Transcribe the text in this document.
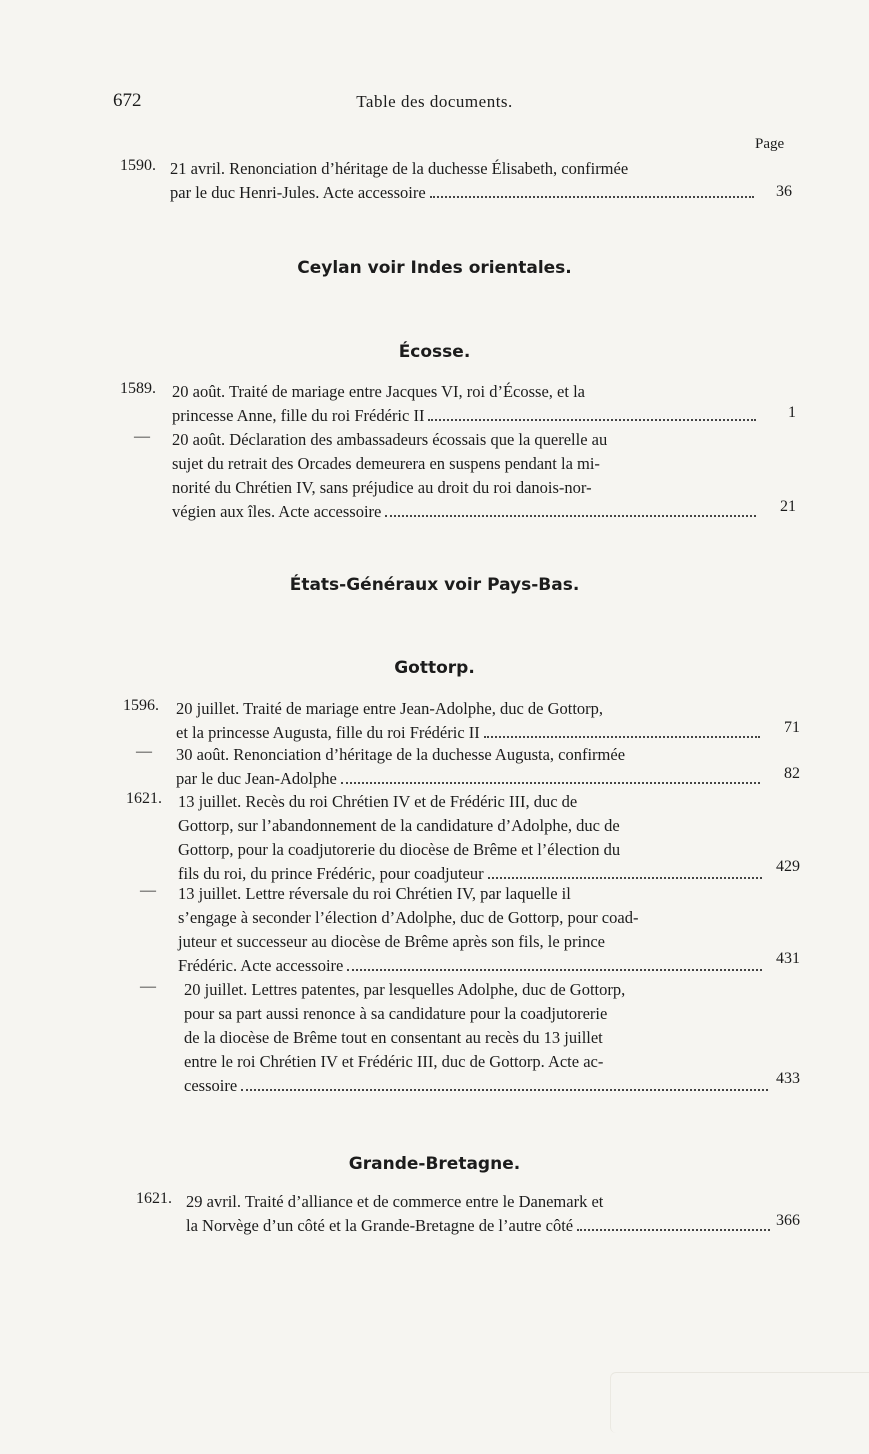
672	Table des documents.
Page
1590. 21 avril. Renonciation d’héritage de la duchesse Élisabeth, confirmée
par le duc Henri-Jules. Acte accessoire	36
Ceylan voir Indes orientales.
Écosse.
1589. 20 août. Traité de mariage entre Jacques VI, roi d’Écosse, et la
princesse Anne, fille du roi Frédéric II	1
— 20 août. Déclaration des ambassadeurs écossais que la querelle au
sujet du retrait des Orcades demeurera en suspens pendant la mi-
norité du Chrétien IV, sans préjudice au droit du roi danois-nor-
végien aux îles. Acte accessoire	21
États-Généraux voir Pays-Bas.
Gottorp.
1596. 20 juillet. Traité de mariage entre Jean-Adolphe, duc de Gottorp,
et la princesse Augusta, fille du roi Frédéric II	71
— 30 août. Renonciation d’héritage de la duchesse Augusta, confirmée
par le duc Jean-Adolphe	82
1621. 13 juillet. Recès du roi Chrétien IV et de Frédéric III, duc de
Gottorp, sur l’abandonnement de la candidature d’Adolphe, duc de
Gottorp, pour la coadjutorerie du diocèse de Brême et l’élection du
fils du roi, du prince Frédéric, pour coadjuteur	429
— 13 juillet. Lettre réversale du roi Chrétien IV, par laquelle il
s’engage à seconder l’élection d’Adolphe, duc de Gottorp, pour coad-
juteur et successeur au diocèse de Brême après son fils, le prince
Frédéric. Acte accessoire	431
— 20 juillet. Lettres patentes, par lesquelles Adolphe, duc de Gottorp,
pour sa part aussi renonce à sa candidature pour la coadjutorerie
de la diocèse de Brême tout en consentant au recès du 13 juillet
entre le roi Chrétien IV et Frédéric III, duc de Gottorp. Acte ac-
cessoire	433
Grande-Bretagne.
1621. 29 avril. Traité d’alliance et de commerce entre le Danemark et
la Norvège d’un côté et la Grande-Bretagne de l’autre côté	366
